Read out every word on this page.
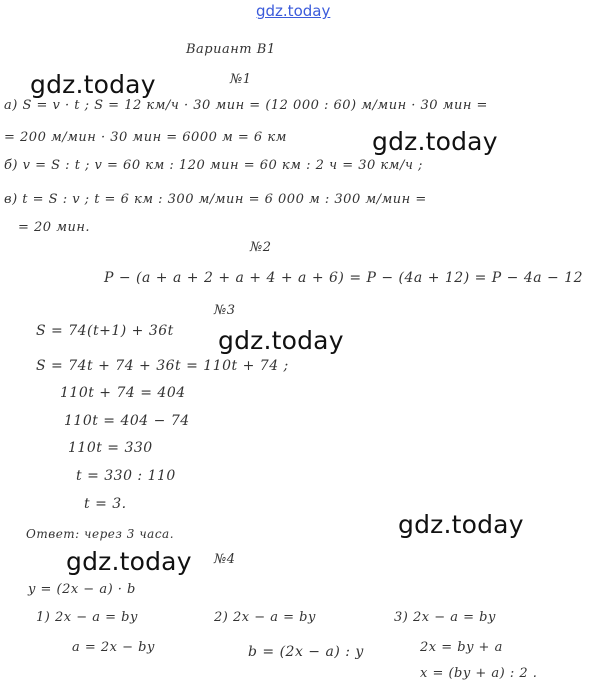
gdz.today
Вариант В1
gdz.today	№1
а) S = v · t ; S = 12 км/ч · 30 мин = (12 000 : 60) м/мин · 30 мин =
= 200 м/мин · 30 мин = 6000 м = 6 км	gdz.today
б) v = S : t ; v = 60 км : 120 мин = 60 км : 2 ч = 30 км/ч ;
в) t = S : v ; t = 6 км : 300 м/мин = 6 000 м : 300 м/мин =
= 20 мин.
№2
P − (a + a + 2 + a + 4 + a + 6) = P − (4a + 12) = P − 4a − 12
№3
S = 74(t+1) + 36t gdz.today
S = 74t + 74 + 36t = 110t + 74 ;
110t + 74 = 404
110t = 404 − 74
110t = 330
t = 330 : 110
t = 3.
gdz.today
Ответ: через 3 часа.
gdz.today №4
y = (2x − a) · b
1) 2x − a = by
a = 2x − by
2) 2x − a = by
b = (2x − a) : y
3) 2x − a = by
2x = by + a
x = (by + a) : 2 .
